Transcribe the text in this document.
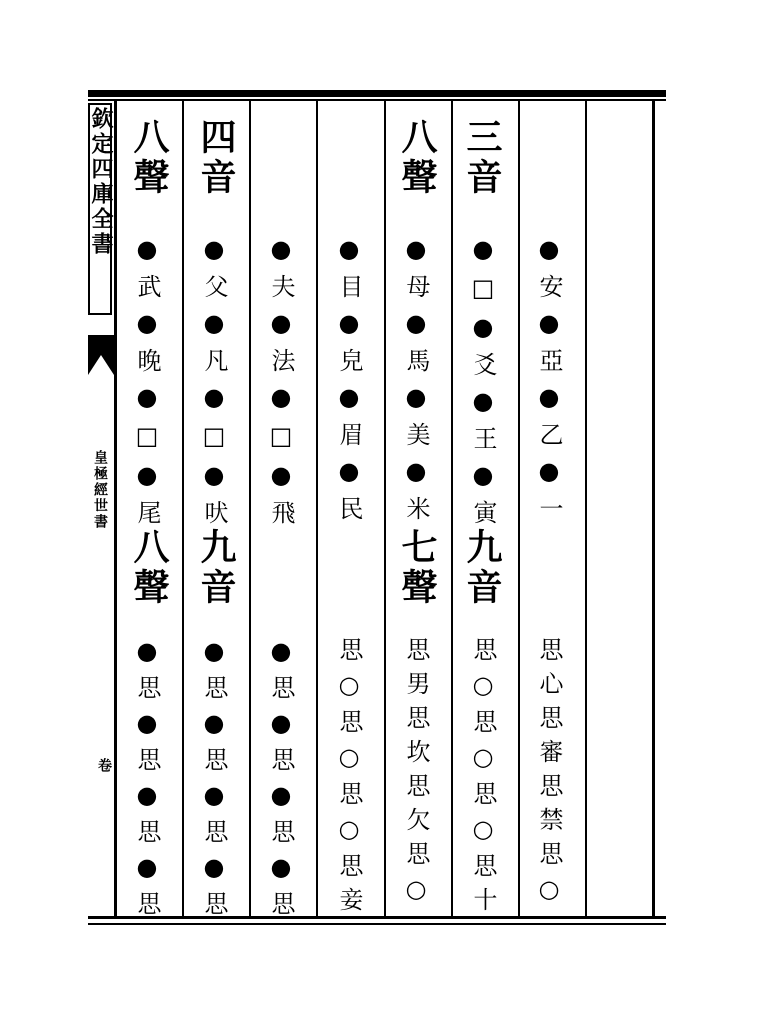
欽定四庫全書
皇極經世書
卷
●安●亞●乙●一
思心思審思禁思○
三音
●□●爻●王●寅
九音
思○思○思○思十
八聲
●母●馬●美●米
七聲
思男思坎思欠思○
●目●皃●眉●民
思○思○思○思妾
●夫●法●□●飛
●思●思●思●思
四音
●父●凡●□●吠
九音
●思●思●思●思
八聲
●武●晚●□●尾
八聲
●思●思●思●思
